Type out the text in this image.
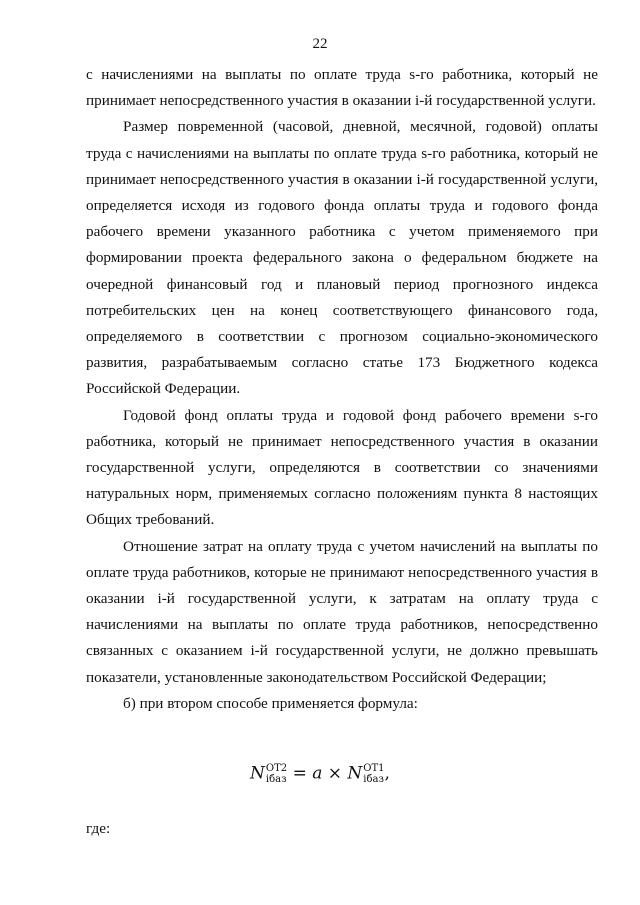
22

с начислениями на выплаты по оплате труда s-го работника, который не принимает непосредственного участия в оказании i-й государственной услуги.

Размер повременной (часовой, дневной, месячной, годовой) оплаты труда с начислениями на выплаты по оплате труда s-го работника, который не принимает непосредственного участия в оказании i-й государственной услуги, определяется исходя из годового фонда оплаты труда и годового фонда рабочего времени указанного работника с учетом применяемого при формировании проекта федерального закона о федеральном бюджете на очередной финансовый год и плановый период прогнозного индекса потребительских цен на конец соответствующего финансового года, определяемого в соответствии с прогнозом социально-экономического развития, разрабатываемым согласно статье 173 Бюджетного кодекса Российской Федерации.

Годовой фонд оплаты труда и годовой фонд рабочего времени s-го работника, который не принимает непосредственного участия в оказании государственной услуги, определяются в соответствии со значениями натуральных норм, применяемых согласно положениям пункта 8 настоящих Общих требований.

Отношение затрат на оплату труда с учетом начислений на выплаты по оплате труда работников, которые не принимают непосредственного участия в оказании i-й государственной услуги, к затратам на оплату труда с начислениями на выплаты по оплате труда работников, непосредственно связанных с оказанием i-й государственной услуги, не должно превышать показатели, установленные законодательством Российской Федерации;

б) при втором способе применяется формула:

N ОТ2
iбаз = a × N ОТ1
iбаз ,
где:
